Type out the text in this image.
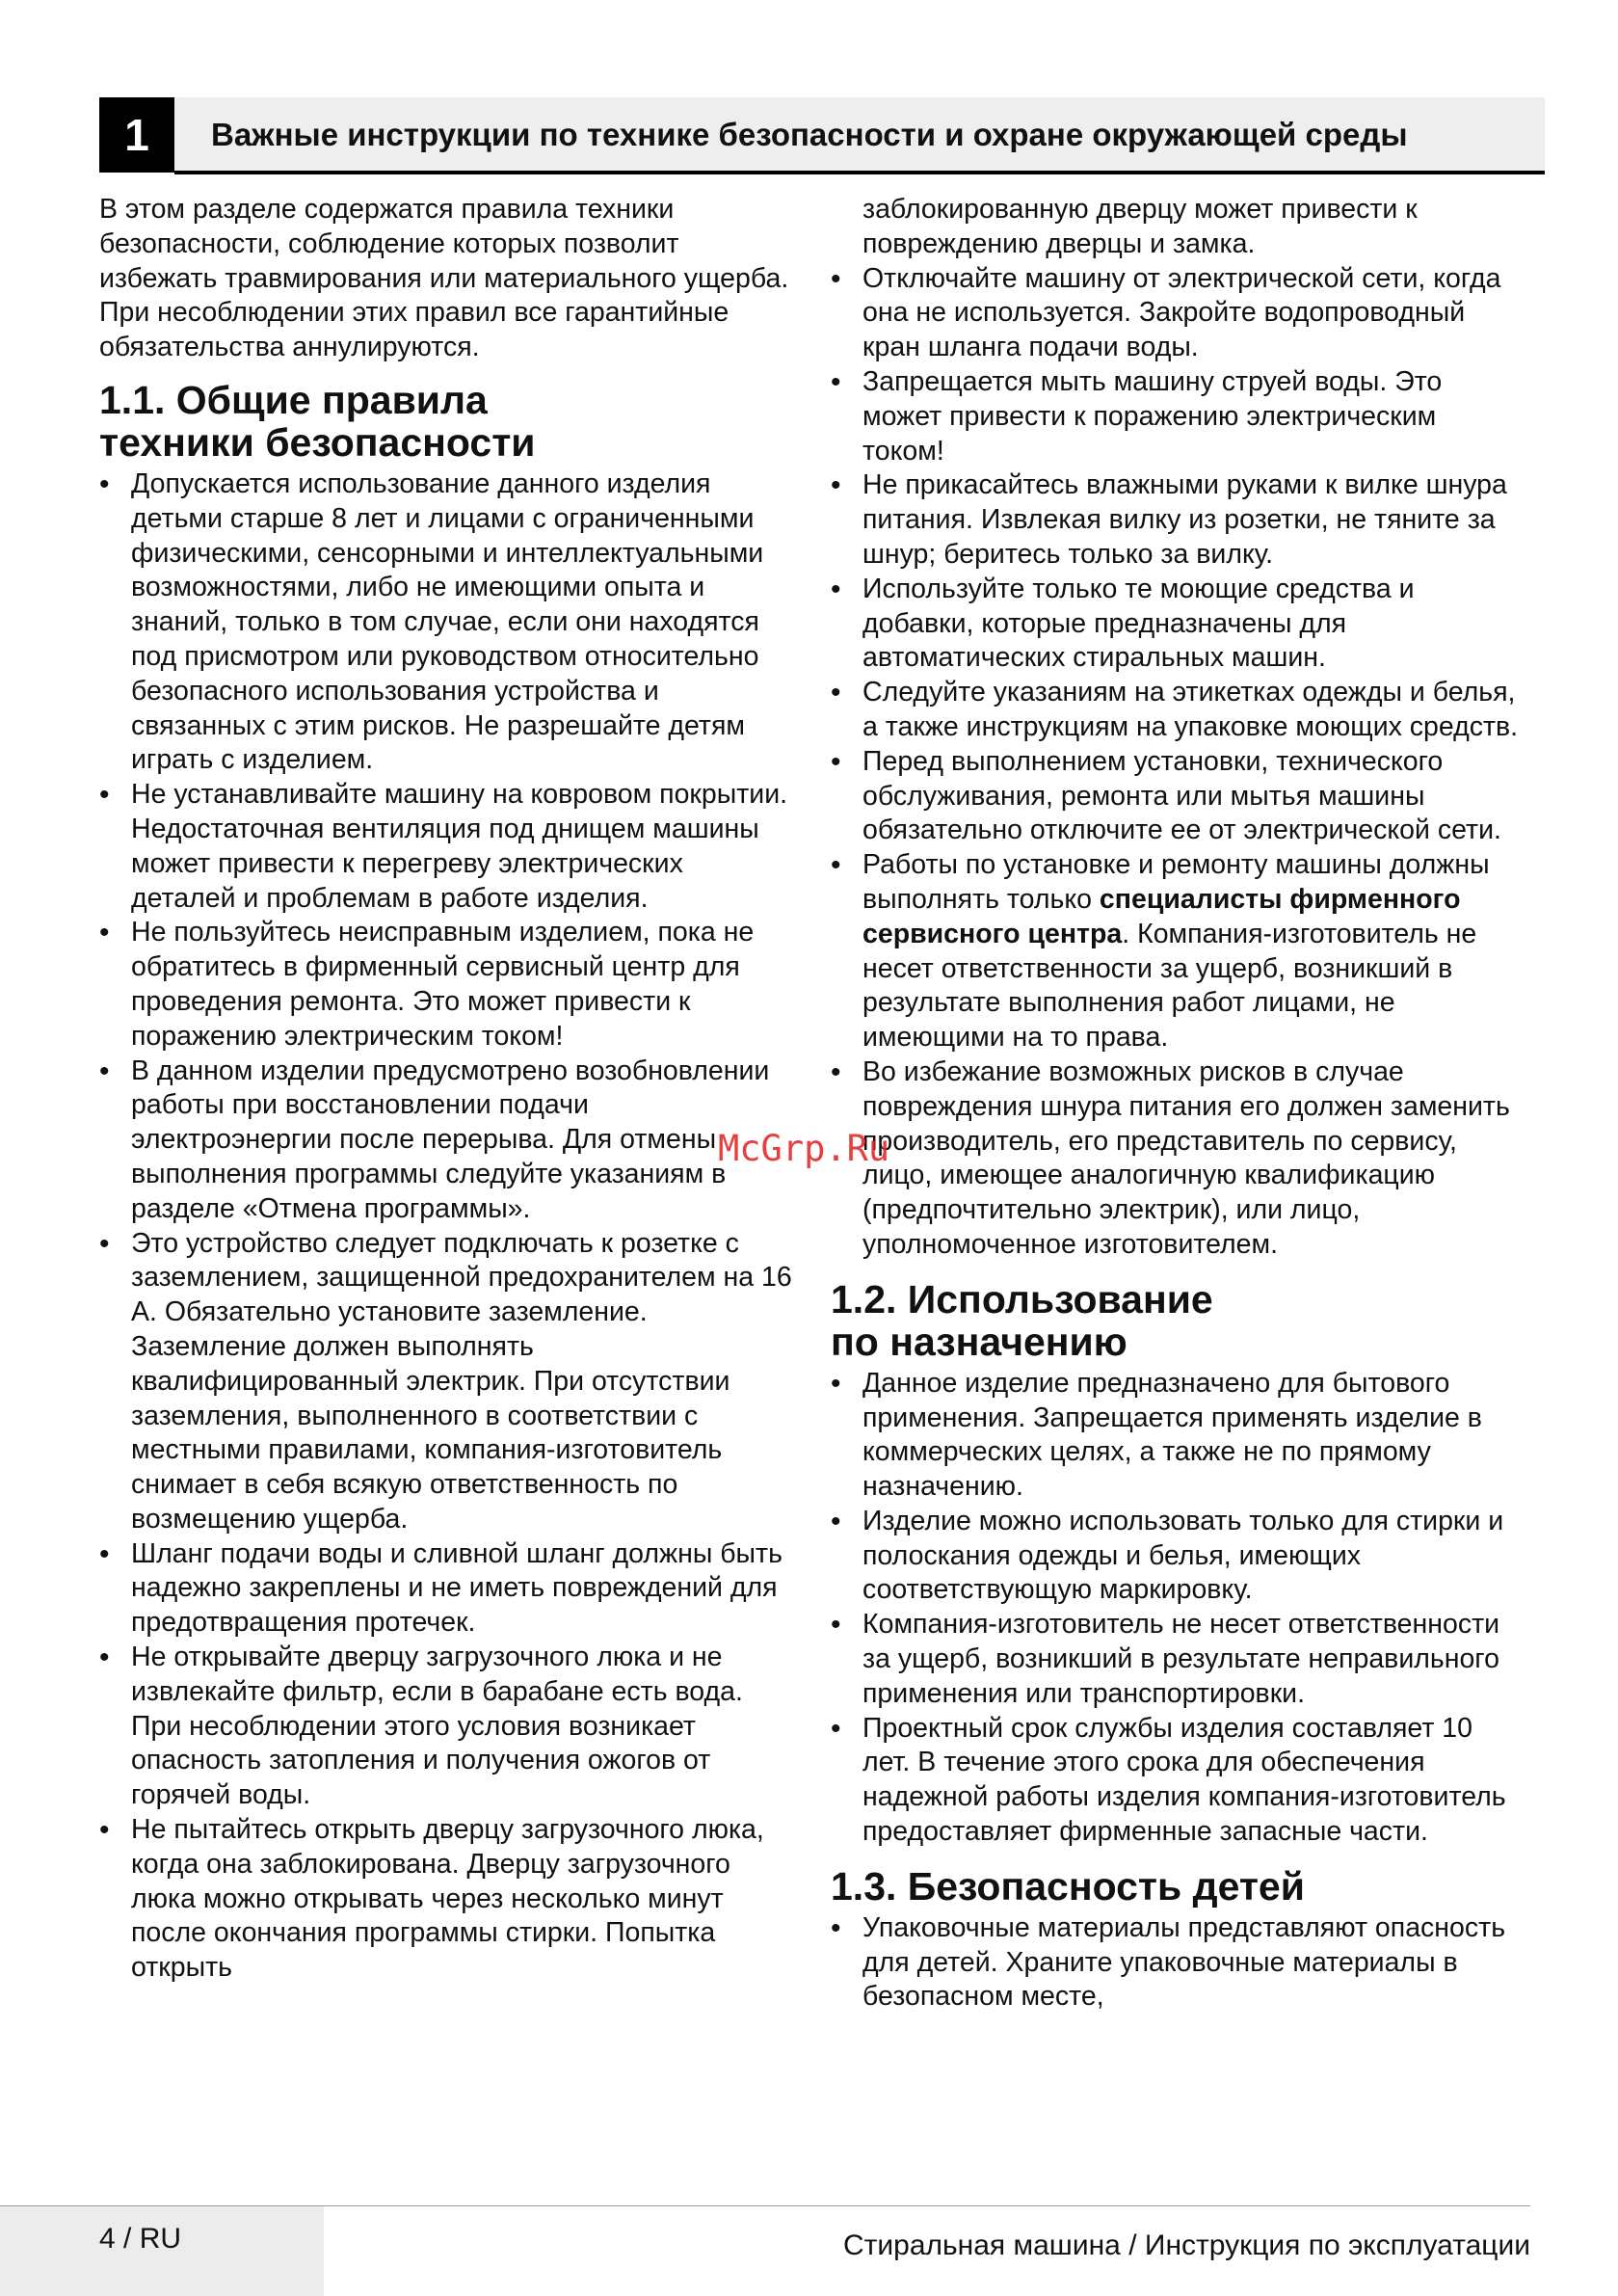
1	Важные инструкции по технике безопасности и охране окружающей среды

В этом разделе содержатся правила техники безопасности, соблюдение которых позволит избежать травмирования или материального ущерба. При несоблюдении этих правил все гарантийные обязательства аннулируются.

1.1. Общие правила
техники безопасности
• Допускается использование данного изделия детьми старше 8 лет и лицами с ограниченными физическими, сенсорными и интеллектуальными возможностями, либо не имеющими опыта и знаний, только в том случае, если они находятся под присмотром или руководством относительно безопасного использования устройства и связанных с этим рисков. Не разрешайте детям играть с изделием.
• Не устанавливайте машину на ковровом покрытии. Недостаточная вентиляция под днищем машины может привести к перегреву электрических деталей и проблемам в работе изделия.
• Не пользуйтесь неисправным изделием, пока не обратитесь в фирменный сервисный центр для проведения ремонта. Это может привести к поражению электрическим током!
• В данном изделии предусмотрено возобновлении работы при восстановлении подачи электроэнергии после перерыва. Для отмены выполнения программы следуйте указаниям в разделе «Отмена программы».
• Это устройство следует подключать к розетке с заземлением, защищенной предохранителем на 16 А. Обязательно установите заземление. Заземление должен выполнять квалифицированный электрик. При отсутствии заземления, выполненного в соответствии с местными правилами, компания-изготовитель снимает в себя всякую ответственность по возмещению ущерба.
• Шланг подачи воды и сливной шланг должны быть надежно закреплены и не иметь повреждений для предотвращения протечек.
• Не открывайте дверцу загрузочного люка и не извлекайте фильтр, если в барабане есть вода. При несоблюдении этого условия возникает опасность затопления и получения ожогов от горячей воды.
• Не пытайтесь открыть дверцу загрузочного люка, когда она заблокирована. Дверцу загрузочного люка можно открывать через несколько минут после окончания программы стирки. Попытка открыть
заблокированную дверцу может привести к повреждению дверцы и замка.
• Отключайте машину от электрической сети, когда она не используется. Закройте водопроводный кран шланга подачи воды.
• Запрещается мыть машину струей воды. Это может привести к поражению электрическим током!
• Не прикасайтесь влажными руками к вилке шнура питания. Извлекая вилку из розетки, не тяните за шнур; беритесь только за вилку.
• Используйте только те моющие средства и добавки, которые предназначены для автоматических стиральных машин.
• Следуйте указаниям на этикетках одежды и белья, а также инструкциям на упаковке моющих средств.
• Перед выполнением установки, технического обслуживания, ремонта или мытья машины обязательно отключите ее от электрической сети.
• Работы по установке и ремонту машины должны выполнять только специалисты фирменного сервисного центра. Компания-изготовитель не несет ответственности за ущерб, возникший в результате выполнения работ лицами, не имеющими на то права.
• Во избежание возможных рисков в случае повреждения шнура питания его должен заменить производитель, его представитель по сервису, лицо, имеющее аналогичную квалификацию (предпочтительно электрик), или лицо, уполномоченное изготовителем.
1.2. Использование
по назначению
• Данное изделие предназначено для бытового применения. Запрещается применять изделие в коммерческих целях, а также не по прямому назначению.
• Изделие можно использовать только для стирки и полоскания одежды и белья, имеющих соответствующую маркировку.
• Компания-изготовитель не несет ответственности за ущерб, возникший в результате неправильного применения или транспортировки.
• Проектный срок службы изделия составляет 10 лет. В течение этого срока для обеспечения надежной работы изделия компания-изготовитель предоставляет фирменные запасные части.
1.3. Безопасность детей
• Упаковочные материалы представляют опасность для детей. Храните упаковочные материалы в безопасном месте,
McGrp.Ru
4 / RU	Стиральная машина / Инструкция по эксплуатации
